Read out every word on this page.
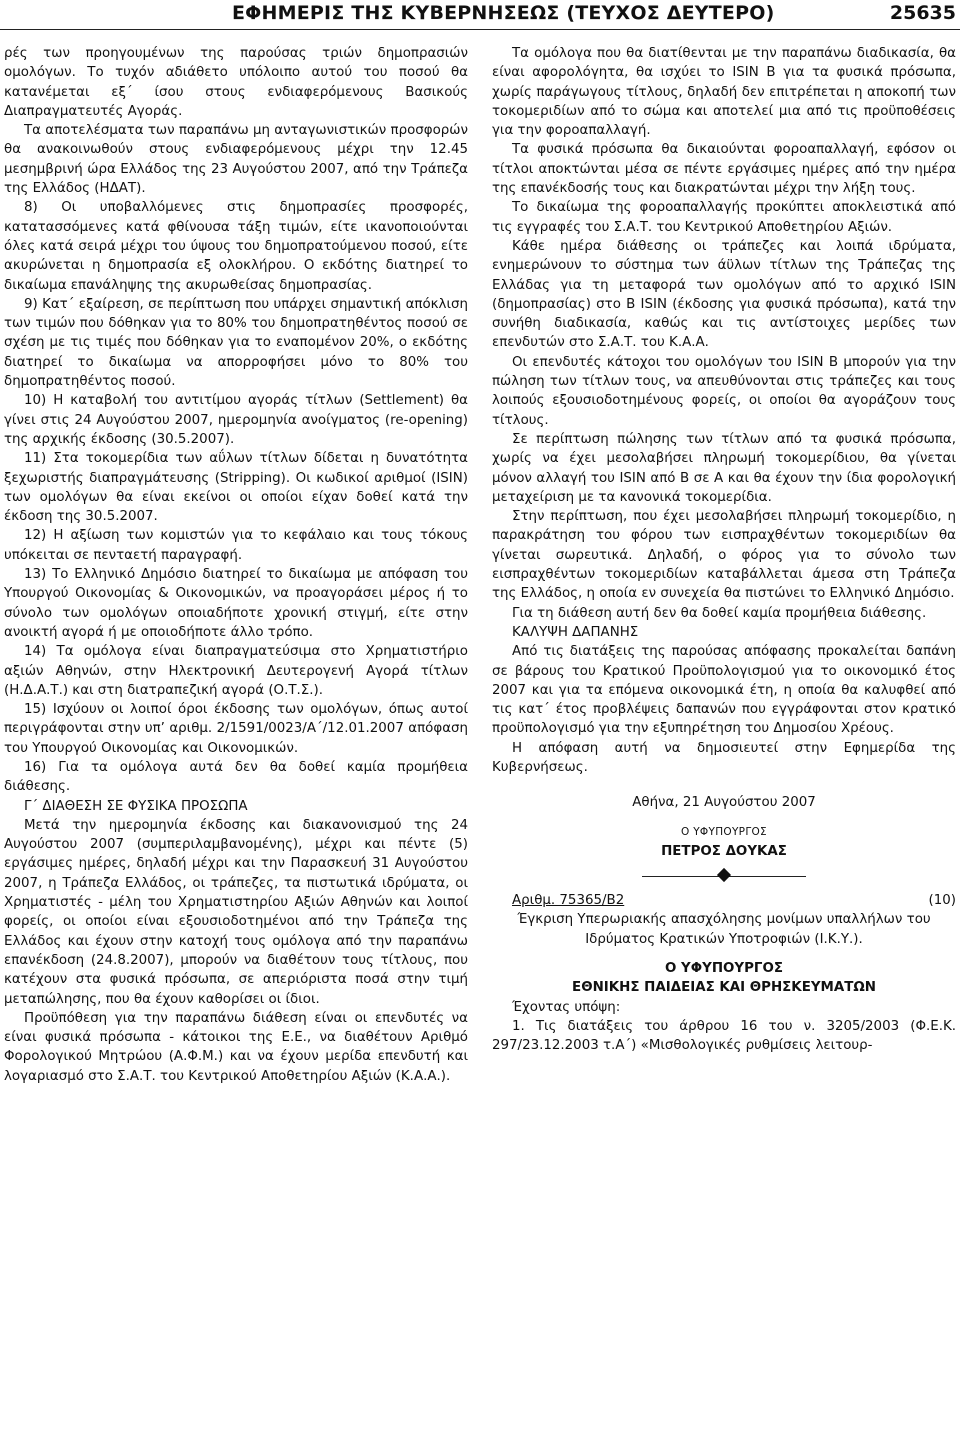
ΕΦΗΜΕΡΙΣ ΤΗΣ ΚΥΒΕΡΝΗΣΕΩΣ (ΤΕΥΧΟΣ ΔΕΥΤΕΡΟ)	25635

ρές των προηγουμένων της παρούσας τριών δημοπρασιών ομολόγων. Το τυχόν αδιάθετο υπόλοιπο αυτού του ποσού θα κατανέμεται εξ΄ ίσου στους ενδιαφερόμενους Βασικούς Διαπραγματευτές Αγοράς.

Τα αποτελέσματα των παραπάνω μη ανταγωνιστικών προσφορών θα ανακοινωθούν στους ενδιαφερόμενους μέχρι την 12.45 μεσημβρινή ώρα Ελλάδος της 23 Αυγούστου 2007, από την Τράπεζα της Ελλάδος (ΗΔΑΤ).

8) Οι υποβαλλόμενες στις δημοπρασίες προσφορές, κατατασσόμενες κατά φθίνουσα τάξη τιμών, είτε ικανοποιούνται όλες κατά σειρά μέχρι του ύψους του δημοπρατούμενου ποσού, είτε ακυρώνεται η δημοπρασία εξ ολοκλήρου. Ο εκδότης διατηρεί το δικαίωμα επανάληψης της ακυρωθείσας δημοπρασίας.

9) Κατ΄ εξαίρεση, σε περίπτωση που υπάρχει σημαντική απόκλιση των τιμών που δόθηκαν για το 80% του δημοπρατηθέντος ποσού σε σχέση με τις τιμές που δόθηκαν για το εναπομένον 20%, ο εκδότης διατηρεί το δικαίωμα να απορροφήσει μόνο το 80% του δημοπρατηθέντος ποσού.

10) Η καταβολή του αντιτίμου αγοράς τίτλων (Settlement) θα γίνει στις 24 Αυγούστου 2007, ημερομηνία ανοίγματος (re-opening) της αρχικής έκδοσης (30.5.2007).

11) Στα τοκομερίδια των αΰλων τίτλων δίδεται η δυνατότητα ξεχωριστής διαπραγμάτευσης (Stripping). Οι κωδικοί αριθμοί (ISIN) των ομολόγων θα είναι εκείνοι οι οποίοι είχαν δοθεί κατά την έκδοση της 30.5.2007.

12) Η αξίωση των κομιστών για το κεφάλαιο και τους τόκους υπόκειται σε πενταετή παραγραφή.

13) Το Ελληνικό Δημόσιο διατηρεί το δικαίωμα με απόφαση του Υπουργού Οικονομίας & Οικονομικών, να προαγοράσει μέρος ή το σύνολο των ομολόγων οποιαδήποτε χρονική στιγμή, είτε στην ανοικτή αγορά ή με οποιοδήποτε άλλο τρόπο.

14) Τα ομόλογα είναι διαπραγματεύσιμα στο Χρηματιστήριο αξιών Αθηνών, στην Ηλεκτρονική Δευτερογενή Αγορά τίτλων (Η.Δ.Α.Τ.) και στη διατραπεζική αγορά (Ο.Τ.Σ.).

15) Ισχύουν οι λοιποί όροι έκδοσης των ομολόγων, όπως αυτοί περιγράφονται στην υπ’ αριθμ. 2/1591/0023/Α΄/12.01.2007 απόφαση του Υπουργού Οικονομίας και Οικονομικών.

16) Για τα ομόλογα αυτά δεν θα δοθεί καμία προμήθεια διάθεσης.

Γ΄ ΔΙΑΘΕΣΗ ΣΕ ΦΥΣΙΚΑ ΠΡΟΣΩΠΑ

Μετά την ημερομηνία έκδοσης και διακανονισμού της 24 Αυγούστου 2007 (συμπεριλαμβανομένης), μέχρι και πέντε (5) εργάσιμες ημέρες, δηλαδή μέχρι και την Παρασκευή 31 Αυγούστου 2007, η Τράπεζα Ελλάδος, οι τράπεζες, τα πιστωτικά ιδρύματα, οι Χρηματιστές - μέλη του Χρηματιστηρίου Αξιών Αθηνών και λοιποί φορείς, οι οποίοι είναι εξουσιοδοτημένοι από την Τράπεζα της Ελλάδος και έχουν στην κατοχή τους ομόλογα από την παραπάνω επανέκδοση (24.8.2007), μπορούν να διαθέτουν τους τίτλους, που κατέχουν στα φυσικά πρόσωπα, σε απεριόριστα ποσά στην τιμή μεταπώλησης, που θα έχουν καθορίσει οι ίδιοι.

Προϋπόθεση για την παραπάνω διάθεση είναι οι επενδυτές να είναι φυσικά πρόσωπα - κάτοικοι της Ε.Ε., να διαθέτουν Αριθμό Φορολογικού Μητρώου (Α.Φ.Μ.) και να έχουν μερίδα επενδυτή και λογαριασμό στο Σ.Α.Τ. του Κεντρικού Αποθετηρίου Αξιών (Κ.Α.Α.).

Τα ομόλογα που θα διατίθενται με την παραπάνω διαδικασία, θα είναι αφορολόγητα, θα ισχύει το ISIN Β για τα φυσικά πρόσωπα, χωρίς παράγωγους τίτλους, δηλαδή δεν επιτρέπεται η αποκοπή των τοκομεριδίων από το σώμα και αποτελεί μια από τις προϋποθέσεις για την φοροαπαλλαγή.

Τα φυσικά πρόσωπα θα δικαιούνται φοροαπαλλαγή, εφόσον οι τίτλοι αποκτώνται μέσα σε πέντε εργάσιμες ημέρες από την ημέρα της επανέκδοσής τους και διακρατώνται μέχρι την λήξη τους.

Το δικαίωμα της φοροαπαλλαγής προκύπτει αποκλειστικά από τις εγγραφές του Σ.Α.Τ. του Κεντρικού Αποθετηρίου Αξιών.

Κάθε ημέρα διάθεσης οι τράπεζες και λοιπά ιδρύματα, ενημερώνουν το σύστημα των άϋλων τίτλων της Τράπεζας της Ελλάδας για τη μεταφορά των ομολόγων από το αρχικό ISIN (δημοπρασίας) στο Β ISIN (έκδοσης για φυσικά πρόσωπα), κατά την συνήθη διαδικασία, καθώς και τις αντίστοιχες μερίδες των επενδυτών στο Σ.Α.Τ. του Κ.Α.Α.

Οι επενδυτές κάτοχοι του ομολόγων του ISIN Β μπορούν για την πώληση των τίτλων τους, να απευθύνονται στις τράπεζες και τους λοιπούς εξουσιοδοτημένους φορείς, οι οποίοι θα αγοράζουν τους τίτλους.

Σε περίπτωση πώλησης των τίτλων από τα φυσικά πρόσωπα, χωρίς να έχει μεσολαβήσει πληρωμή τοκομερίδιου, θα γίνεται μόνον αλλαγή του ISIN από Β σε Α και θα έχουν την ίδια φορολογική μεταχείριση με τα κανονικά τοκομερίδια.

Στην περίπτωση, που έχει μεσολαβήσει πληρωμή τοκομερίδιο, η παρακράτηση του φόρου των εισπραχθέντων τοκομεριδίων θα γίνεται σωρευτικά. Δηλαδή, ο φόρος για το σύνολο των εισπραχθέντων τοκομεριδίων καταβάλλεται άμεσα στη Τράπεζα της Ελλάδος, η οποία εν συνεχεία θα πιστώνει το Ελληνικό Δημόσιο.

Για τη διάθεση αυτή δεν θα δοθεί καμία προμήθεια διάθεσης.

ΚΑΛΥΨΗ ΔΑΠΑΝΗΣ

Από τις διατάξεις της παρούσας απόφασης προκαλείται δαπάνη σε βάρους του Κρατικού Προϋπολογισμού για το οικονομικό έτος 2007 και για τα επόμενα οικονομικά έτη, η οποία θα καλυφθεί από τις κατ΄ έτος προβλέψεις δαπανών που εγγράφονται στον κρατικό προϋπολογισμό για την εξυπηρέτηση του Δημοσίου Χρέους.

Η απόφαση αυτή να δημοσιευτεί στην Εφημερίδα της Κυβερνήσεως.

Αθήνα, 21 Αυγούστου 2007

Ο ΥΦΥΠΟΥΡΓΟΣ

ΠΕΤΡΟΣ ΔΟΥΚΑΣ

Αριθμ. 75365/Β2	(10)

Έγκριση Υπερωριακής απασχόλησης μονίμων υπαλλήλων του Ιδρύματος Κρατικών Υποτροφιών (Ι.Κ.Υ.).

Ο ΥΦΥΠΟΥΡΓΟΣ

ΕΘΝΙΚΗΣ ΠΑΙΔΕΙΑΣ ΚΑΙ ΘΡΗΣΚΕΥΜΑΤΩΝ

Έχοντας υπόψη:

1. Τις διατάξεις του άρθρου 16 του ν. 3205/2003 (Φ.Ε.Κ. 297/23.12.2003 τ.Α΄) «Μισθολογικές ρυθμίσεις λειτουρ-
